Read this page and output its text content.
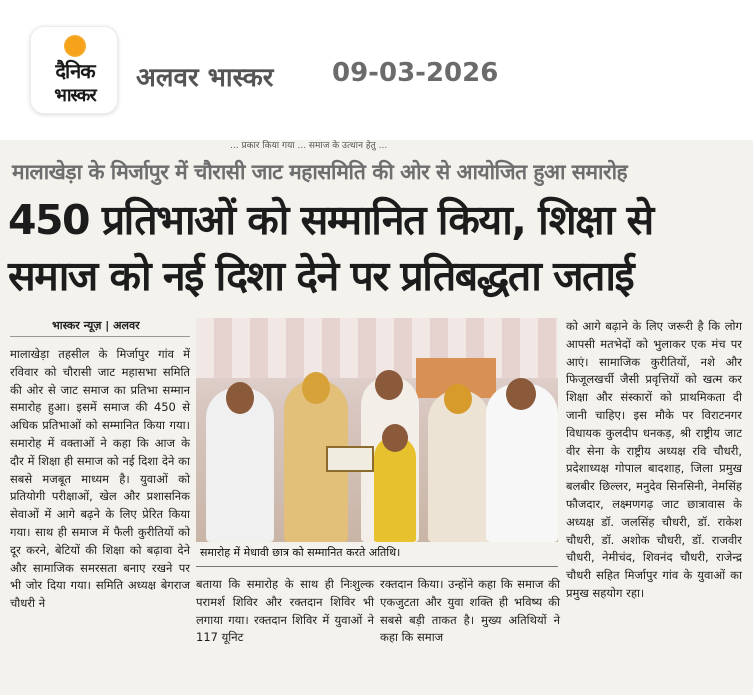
दैनिक
भास्कर
अलवर भास्कर 09-03-2026
... प्रकार किया गया ... समाज के उत्थान हेतु ...
मालाखेड़ा के मिर्जापुर में चौरासी जाट महासमिति की ओर से आयोजित हुआ समारोह
450 प्रतिभाओं को सम्मानित किया, शिक्षा से
समाज को नई दिशा देने पर प्रतिबद्धता जताई
भास्कर न्यूज़ | अलवर
मालाखेड़ा तहसील के मिर्जापुर गांव में रविवार को चौरासी जाट महासभा समिति की ओर से जाट समाज का प्रतिभा सम्मान समारोह हुआ। इसमें समाज की 450 से अधिक प्रतिभाओं को सम्मानित किया गया। समारोह में वक्ताओं ने कहा कि आज के दौर में शिक्षा ही समाज को नई दिशा देने का सबसे मजबूत माध्यम है। युवाओं को प्रतियोगी परीक्षाओं, खेल और प्रशासनिक सेवाओं में आगे बढ़ने के लिए प्रेरित किया गया। साथ ही समाज में फैली कुरीतियों को दूर करने, बेटियों की शिक्षा को बढ़ावा देने और सामाजिक समरसता बनाए रखने पर भी जोर दिया गया। समिति अध्यक्ष बेगराज चौधरी ने
समारोह में मेधावी छात्र को सम्मानित करते अतिथि।
बताया कि समारोह के साथ ही निःशुल्क परामर्श शिविर और रक्तदान शिविर भी लगाया गया। रक्तदान शिविर में युवाओं ने 117 यूनिट
रक्तदान किया। उन्होंने कहा कि समाज की एकजुटता और युवा शक्ति ही भविष्य की सबसे बड़ी ताकत है। मुख्य अतिथियों ने कहा कि समाज
को आगे बढ़ाने के लिए जरूरी है कि लोग आपसी मतभेदों को भुलाकर एक मंच पर आएं। सामाजिक कुरीतियों, नशे और फिजूलखर्ची जैसी प्रवृत्तियों को खत्म कर शिक्षा और संस्कारों को प्राथमिकता दी जानी चाहिए। इस मौके पर विराटनगर विधायक कुलदीप धनकड़, श्री राष्ट्रीय जाट वीर सेना के राष्ट्रीय अध्यक्ष रवि चौधरी, प्रदेशाध्यक्ष गोपाल बादशाह, जिला प्रमुख बलबीर छिल्लर, मनुदेव सिनसिनी, नेमसिंह फौजदार, लक्ष्मणगढ़ जाट छात्रावास के अध्यक्ष डॉ. जलसिंह चौधरी, डॉ. राकेश चौधरी, डॉ. अशोक चौधरी, डॉ. राजवीर चौधरी, नेमीचंद, शिवनंद चौधरी, राजेन्द्र चौधरी सहित मिर्जापुर गांव के युवाओं का प्रमुख सहयोग रहा।
